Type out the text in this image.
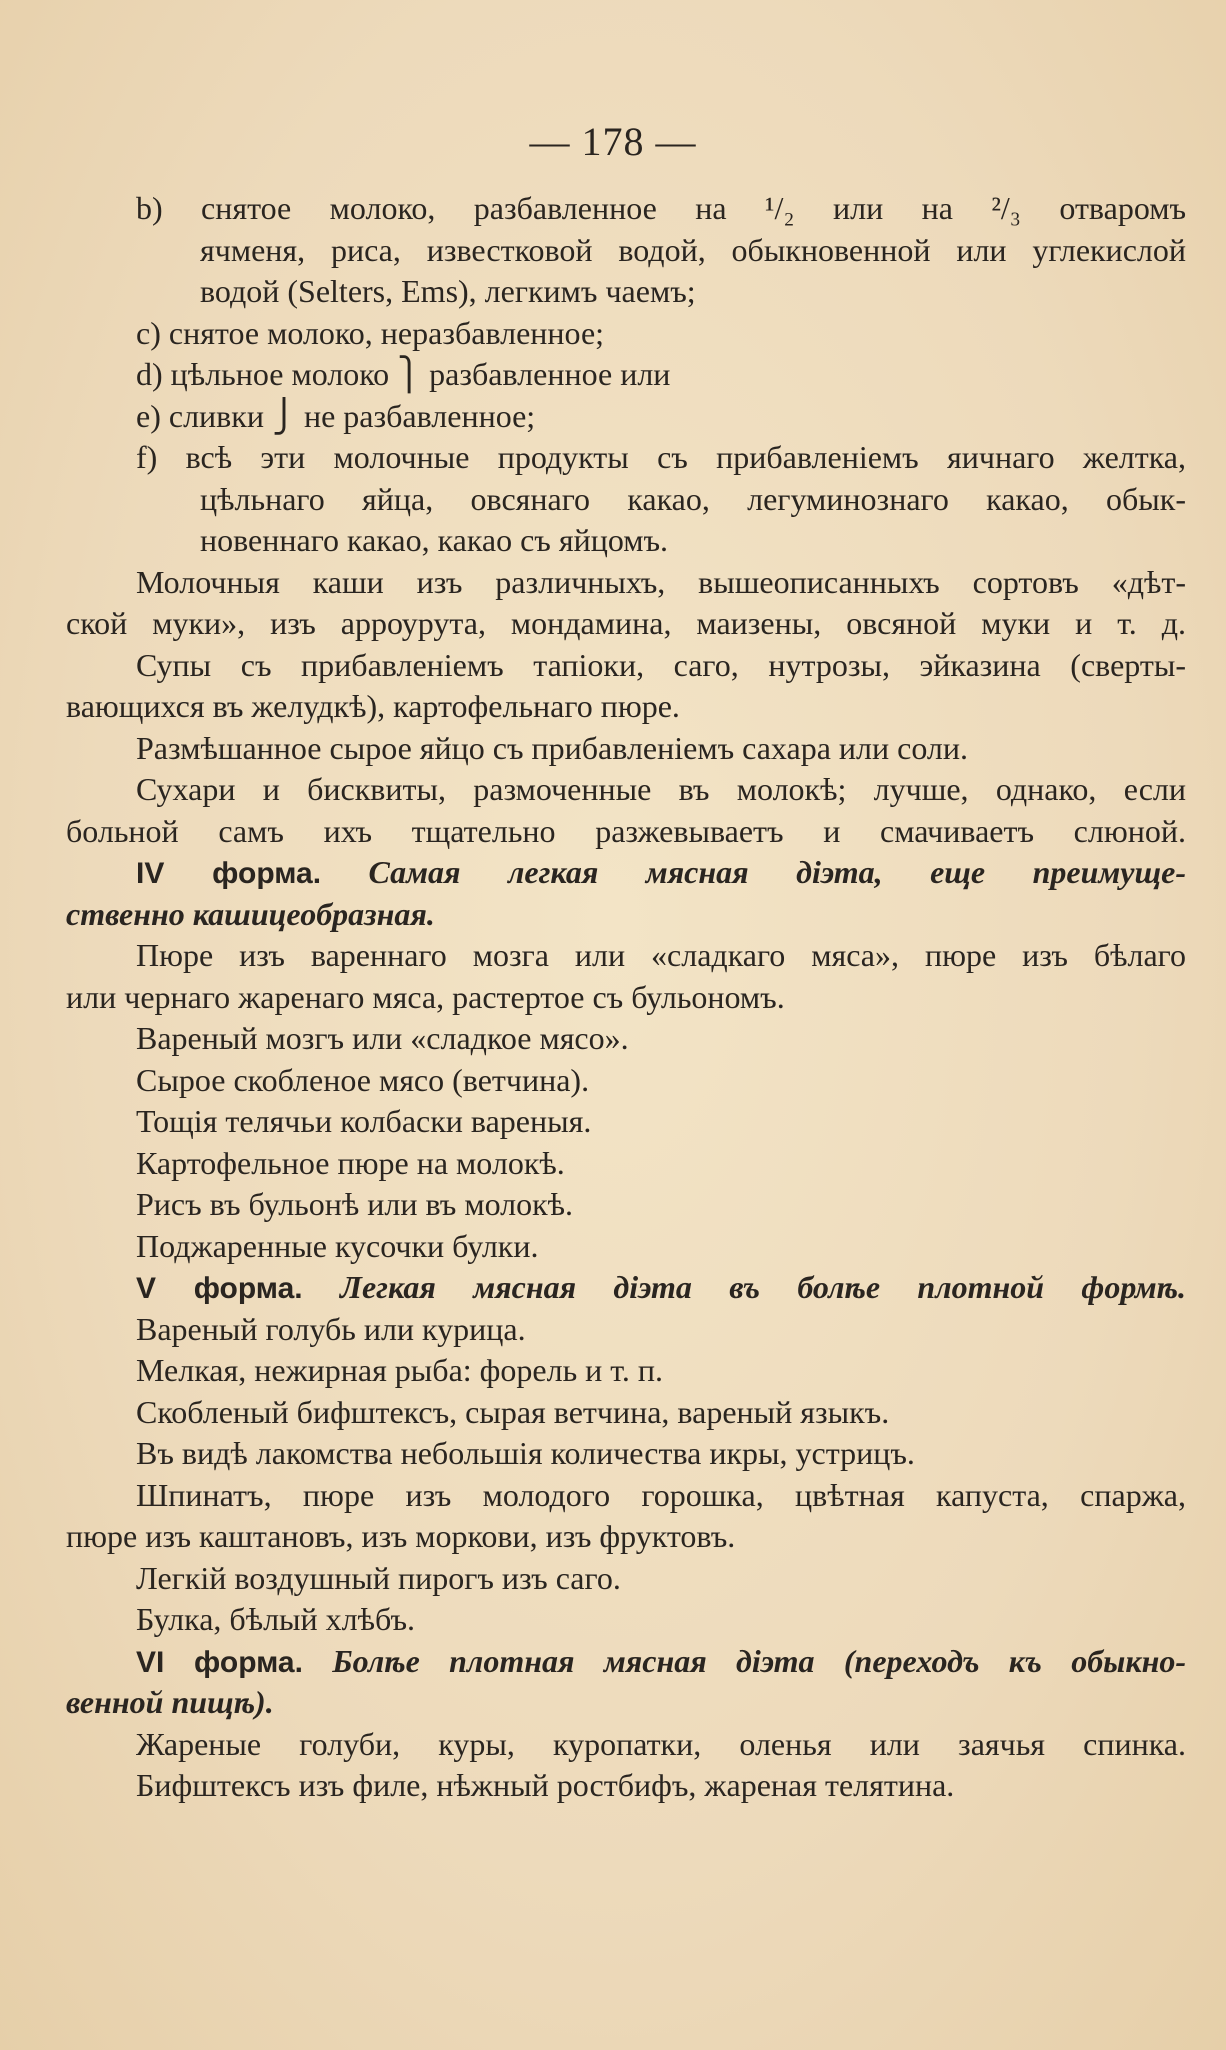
— 178 —
b) снятое молоко, разбавленное на ¹/₂ или на ²/₃ отваромъ
ячменя, риса, известковой водой, обыкновенной или углекислой
водой (Selters, Ems), легкимъ чаемъ;
c) снятое молоко, неразбавленное;
d) цѣльное молоко ⎫ разбавленное или
e) сливки ⎭ не разбавленное;
f) всѣ эти молочные продукты съ прибавленіемъ яичнаго желтка,
цѣльнаго яйца, овсянаго какао, легуминознаго какао, обык-
новеннаго какао, какао съ яйцомъ.
Молочныя каши изъ различныхъ, вышеописанныхъ сортовъ «дѣт-
ской муки», изъ арроурута, мондамина, маизены, овсяной муки и т. д.
Супы съ прибавленіемъ тапіоки, саго, нутрозы, эйказина (сверты-
вающихся въ желудкѣ), картофельнаго пюре.
Размѣшанное сырое яйцо съ прибавленіемъ сахара или соли.
Сухари и бисквиты, размоченные въ молокѣ; лучше, однако, если
больной самъ ихъ тщательно разжевываетъ и смачиваетъ слюной.
IV форма. Самая легкая мясная діэта, еще преимуще-
ственно кашицеобразная.
Пюре изъ вареннаго мозга или «сладкаго мяса», пюре изъ бѣлаго
или чернаго жаренаго мяса, растертое съ бульономъ.
Вареный мозгъ или «сладкое мясо».
Сырое скобленое мясо (ветчина).
Тощія телячьи колбаски вареныя.
Картофельное пюре на молокѣ.
Рисъ въ бульонѣ или въ молокѣ.
Поджаренные кусочки булки.
V форма. Легкая мясная діэта въ болѣе плотной формѣ.
Вареный голубь или курица.
Мелкая, нежирная рыба: форель и т. п.
Скобленый бифштексъ, сырая ветчина, вареный языкъ.
Въ видѣ лакомства небольшія количества икры, устрицъ.
Шпинатъ, пюре изъ молодого горошка, цвѣтная капуста, спаржа,
пюре изъ каштановъ, изъ моркови, изъ фруктовъ.
Легкій воздушный пирогъ изъ саго.
Булка, бѣлый хлѣбъ.
VI форма. Болѣе плотная мясная діэта (переходъ къ обыкно-
венной пищѣ).
Жареные голуби, куры, куропатки, оленья или заячья спинка.
Бифштексъ изъ филе, нѣжный ростбифъ, жареная телятина.
